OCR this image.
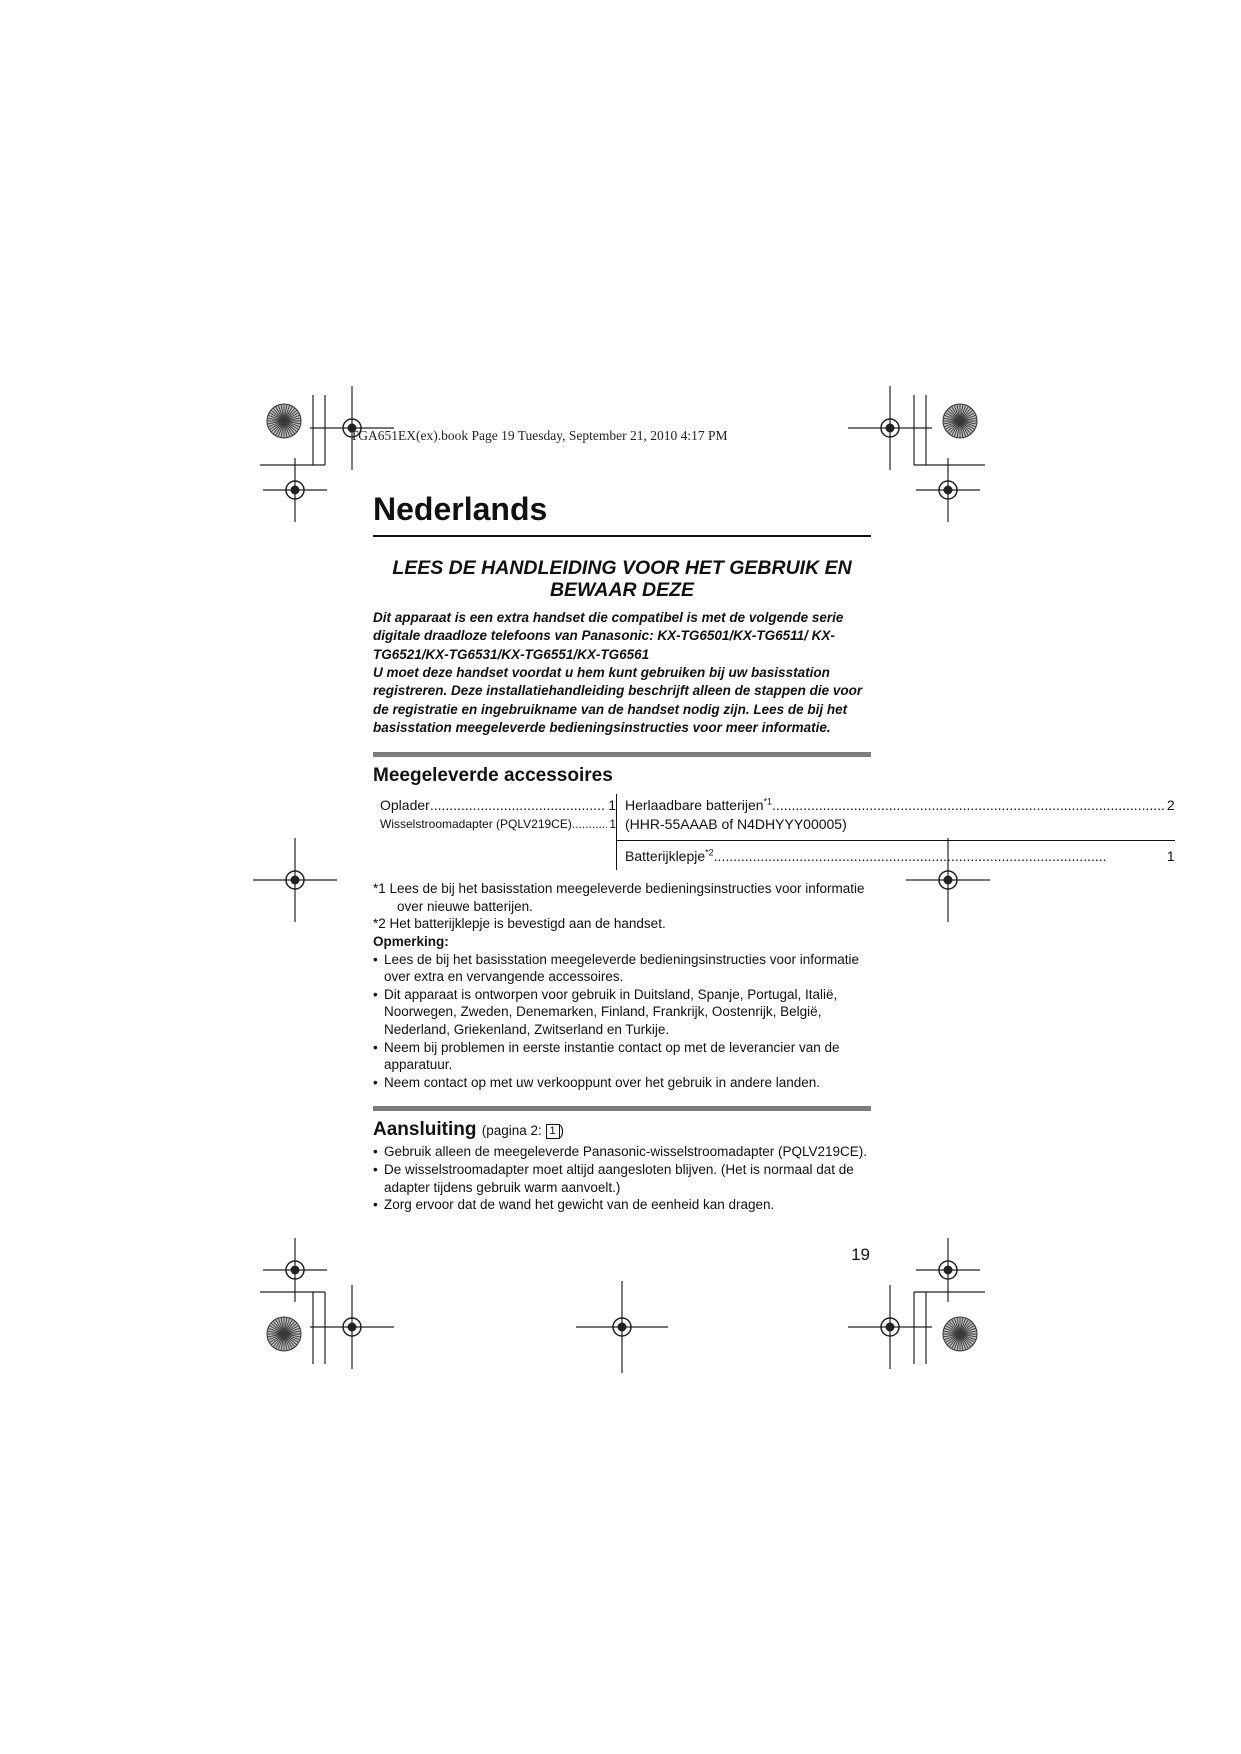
TGA651EX(ex).book Page 19 Tuesday, September 21, 2010 4:17 PM
Nederlands
LEES DE HANDLEIDING VOOR HET GEBRUIK EN BEWAAR DEZE
Dit apparaat is een extra handset die compatibel is met de volgende serie digitale draadloze telefoons van Panasonic: KX-TG6501/KX-TG6511/ KX-TG6521/KX-TG6531/KX-TG6551/KX-TG6561
U moet deze handset voordat u hem kunt gebruiken bij uw basisstation registreren. Deze installatiehandleiding beschrijft alleen de stappen die voor de registratie en ingebruikname van de handset nodig zijn. Lees de bij het basisstation meegeleverde bedieningsinstructies voor meer informatie.
Meegeleverde accessoires
Oplader .....	1
Wisselstroomadapter (PQLV219CE) .....	1
Herlaadbare batterijen$^{*1}$ .....	2
(HHR-55AAAB of N4DHYYY00005)
Batterijklepje$^{*2}$ .....	1
*1 Lees de bij het basisstation meegeleverde bedieningsinstructies voor informatie over nieuwe batterijen.
*2 Het batterijklepje is bevestigd aan de handset.
Opmerking:
• Lees de bij het basisstation meegeleverde bedieningsinstructies voor informatie over extra en vervangende accessoires.
• Dit apparaat is ontworpen voor gebruik in Duitsland, Spanje, Portugal, Italië, Noorwegen, Zweden, Denemarken, Finland, Frankrijk, Oostenrijk, België, Nederland, Griekenland, Zwitserland en Turkije.
• Neem bij problemen in eerste instantie contact op met de leverancier van de apparatuur.
• Neem contact op met uw verkooppunt over het gebruik in andere landen.
Aansluiting (pagina 2: 1 )
• Gebruik alleen de meegeleverde Panasonic-wisselstroomadapter (PQLV219CE).
• De wisselstroomadapter moet altijd aangesloten blijven. (Het is normaal dat de adapter tijdens gebruik warm aanvoelt.)
• Zorg ervoor dat de wand het gewicht van de eenheid kan dragen.
19
